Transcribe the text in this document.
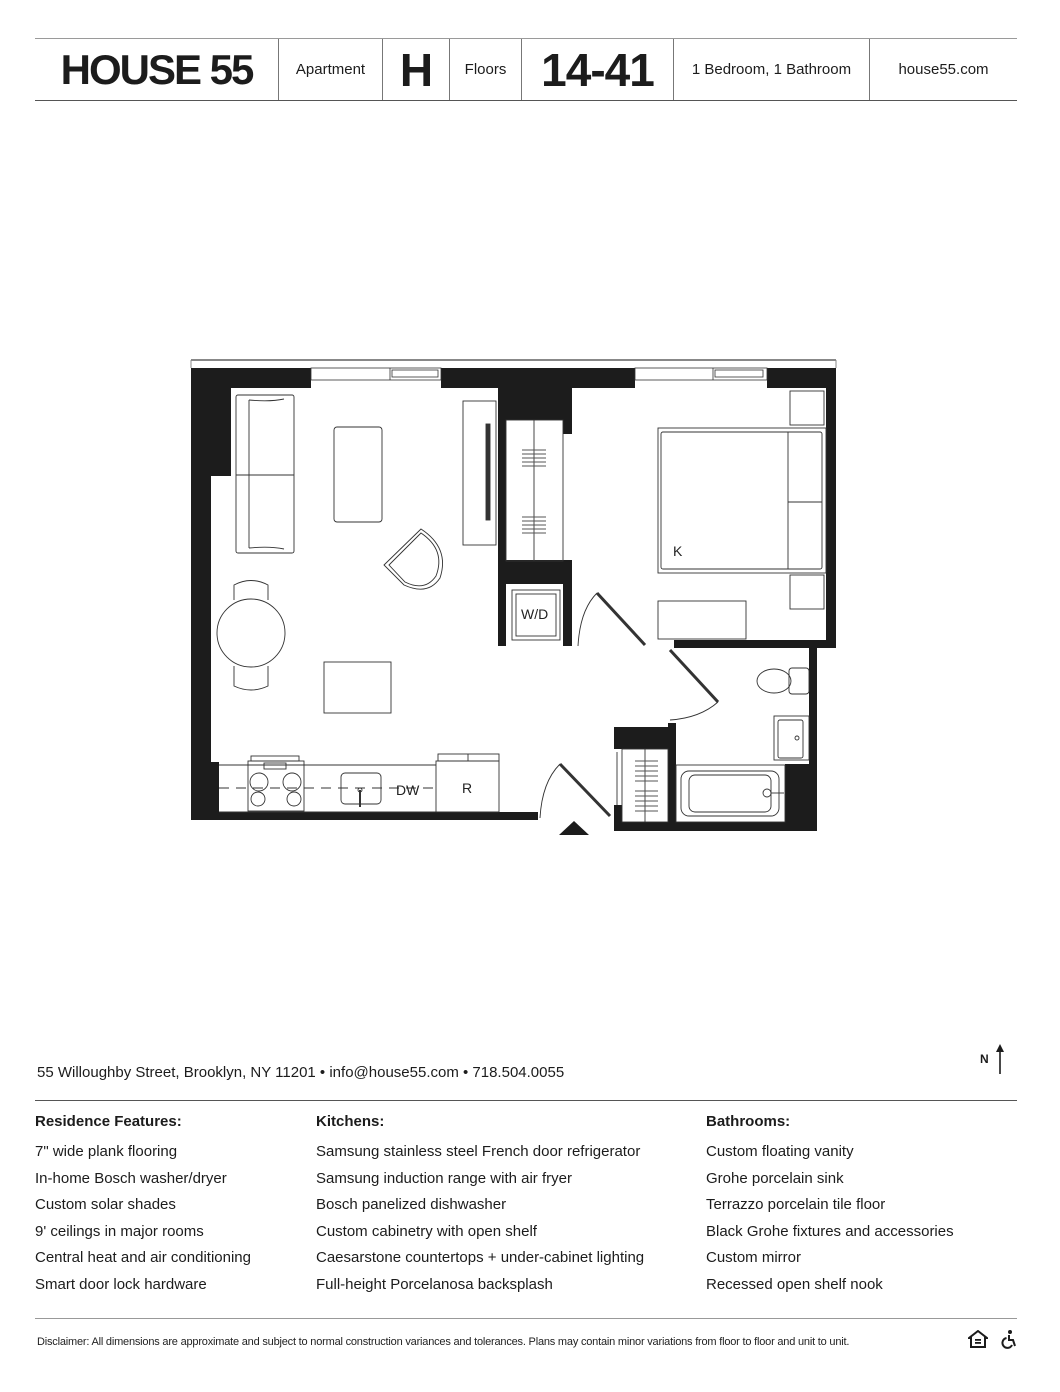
HOUSE 55	Apartment H	Floors 14-41	1 Bedroom, 1 Bathroom	house55.com
K
W/D
DW	R
55 Willoughby Street, Brooklyn, NY 11201 • info@house55.com • 718.504.0055
N
Residence Features:
7" wide plank flooring
In-home Bosch washer/dryer
Custom solar shades
9' ceilings in major rooms
Central heat and air conditioning
Smart door lock hardware
Kitchens:
Samsung stainless steel French door refrigerator
Samsung induction range with air fryer
Bosch panelized dishwasher
Custom cabinetry with open shelf
Caesarstone countertops + under-cabinet lighting
Full-height Porcelanosa backsplash
Bathrooms:
Custom floating vanity
Grohe porcelain sink
Terrazzo porcelain tile floor
Black Grohe fixtures and accessories
Custom mirror
Recessed open shelf nook
Disclaimer: All dimensions are approximate and subject to normal construction variances and tolerances. Plans may contain minor variations from floor to floor and unit to unit.
